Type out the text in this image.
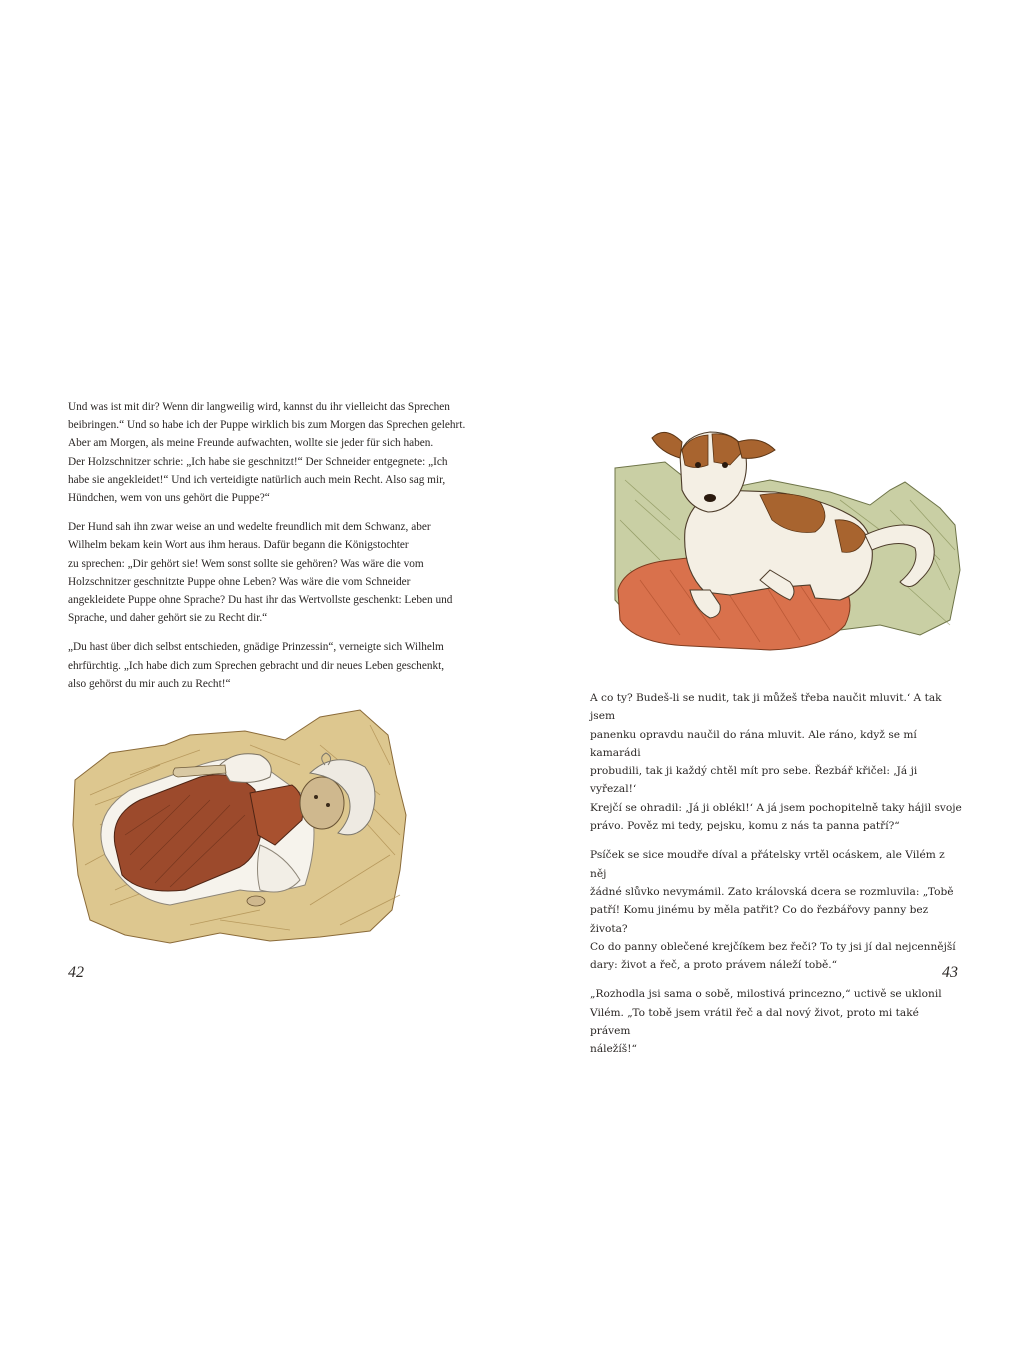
Und was ist mit dir? Wenn dir langweilig wird, kannst du ihr vielleicht das Sprechen
beibringen.“ Und so habe ich der Puppe wirklich bis zum Morgen das Sprechen gelehrt.
Aber am Morgen, als meine Freunde aufwachten, wollte sie jeder für sich haben.
Der Holzschnitzer schrie: „Ich habe sie geschnitzt!“ Der Schneider entgegnete: „Ich
habe sie angekleidet!“ Und ich verteidigte natürlich auch mein Recht. Also sag mir,
Hündchen, wem von uns gehört die Puppe?“

Der Hund sah ihn zwar weise an und wedelte freundlich mit dem Schwanz, aber
Wilhelm bekam kein Wort aus ihm heraus. Dafür begann die Königstochter
zu sprechen: „Dir gehört sie! Wem sonst sollte sie gehören? Was wäre die vom
Holzschnitzer geschnitzte Puppe ohne Leben? Was wäre die vom Schneider
angekleidete Puppe ohne Sprache? Du hast ihr das Wertvollste geschenkt: Leben und
Sprache, und daher gehört sie zu Recht dir.“

„Du hast über dich selbst entschieden, gnädige Prinzessin“, verneigte sich Wilhelm
ehrfürchtig. „Ich habe dich zum Sprechen gebracht und dir neues Leben geschenkt,
also gehörst du mir auch zu Recht!“

42

A co ty? Budeš-li se nudit, tak ji můžeš třeba naučit mluvit.‘ A tak jsem
panenku opravdu naučil do rána mluvit. Ale ráno, když se mí kamarádi
probudili, tak ji každý chtěl mít pro sebe. Řezbář křičel: ‚Já ji vyřezal!‘
Krejčí se ohradil: ‚Já ji oblékl!‘ A já jsem pochopitelně taky hájil svoje
právo. Pověz mi tedy, pejsku, komu z nás ta panna patří?“

Psíček se sice moudře díval a přátelsky vrtěl ocáskem, ale Vilém z něj
žádné slůvko nevymámil. Zato královská dcera se rozmluvila: „Tobě
patří! Komu jinému by měla patřit? Co do řezbářovy panny bez života?
Co do panny oblečené krejčíkem bez řeči? To ty jsi jí dal nejcennější
dary: život a řeč, a proto právem náleží tobě.“

„Rozhodla jsi sama o sobě, milostivá princezno,“ uctivě se uklonil
Vilém. „To tobě jsem vrátil řeč a dal nový život, proto mi také právem
náležíš!“

43
